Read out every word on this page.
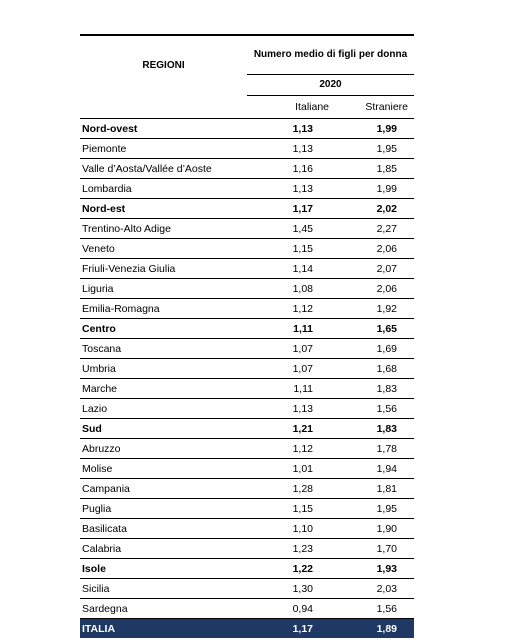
REGIONI	Numero medio di figli per donna	
	2020	
	Italiane	Straniere
Nord-ovest	1,13	1,99
Piemonte	1,13	1,95
Valle d’Aosta/Vallée d’Aoste	1,16	1,85
Lombardia	1,13	1,99
Nord-est	1,17	2,02
Trentino-Alto Adige	1,45	2,27
Veneto	1,15	2,06
Friuli-Venezia Giulia	1,14	2,07
Liguria	1,08	2,06
Emilia-Romagna	1,12	1,92
Centro	1,11	1,65
Toscana	1,07	1,69
Umbria	1,07	1,68
Marche	1,11	1,83
Lazio	1,13	1,56
Sud	1,21	1,83
Abruzzo	1,12	1,78
Molise	1,01	1,94
Campania	1,28	1,81
Puglia	1,15	1,95
Basilicata	1,10	1,90
Calabria	1,23	1,70
Isole	1,22	1,93
Sicilia	1,30	2,03
Sardegna	0,94	1,56
ITALIA	1,17	1,89
